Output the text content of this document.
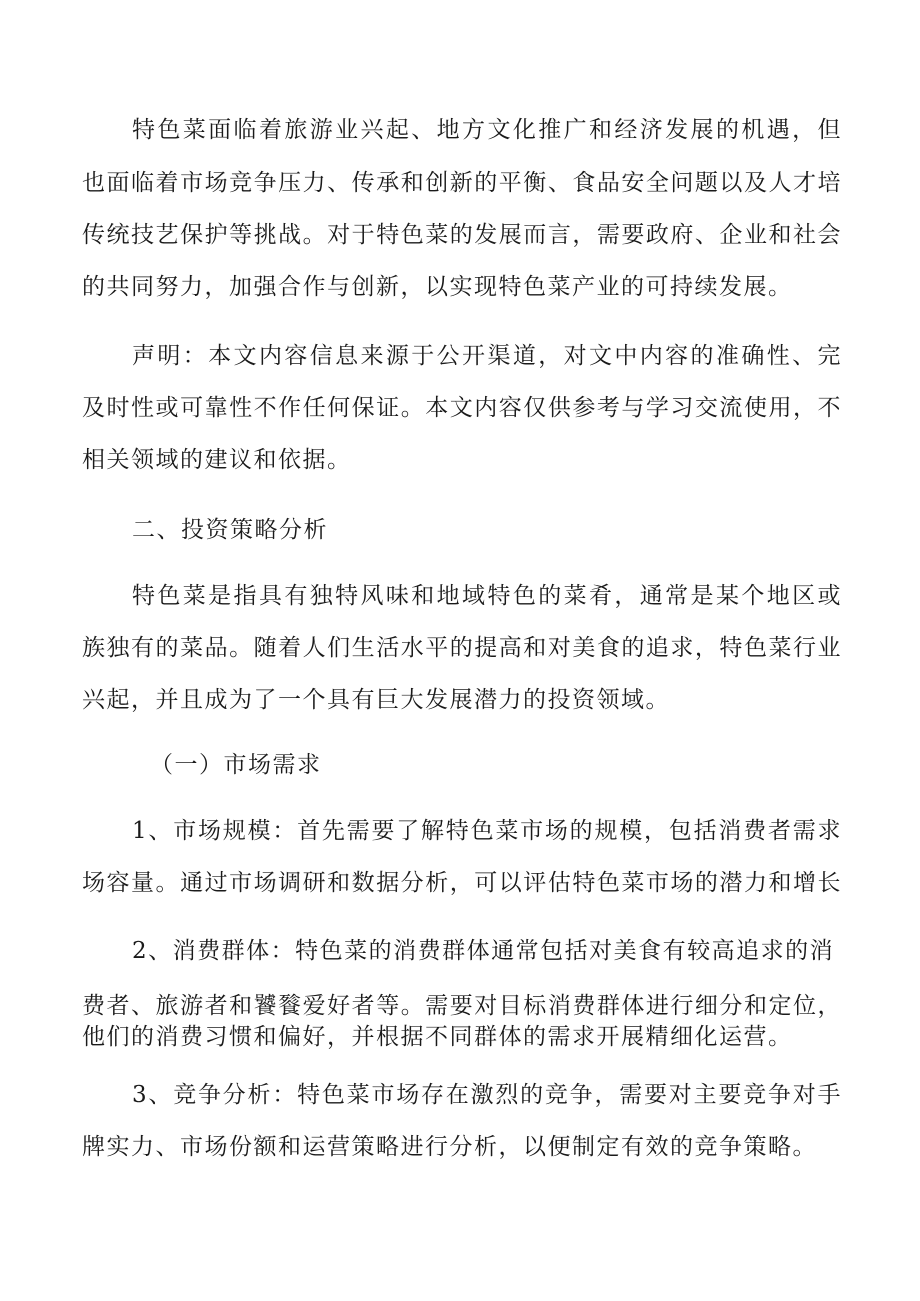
特色菜面临着旅游业兴起、地方文化推广和经济发展的机遇，但
也面临着市场竞争压力、传承和创新的平衡、食品安全问题以及人才培
传统技艺保护等挑战。对于特色菜的发展而言，需要政府、企业和社会
的共同努力，加强合作与创新，以实现特色菜产业的可持续发展。
声明：本文内容信息来源于公开渠道，对文中内容的准确性、完
及时性或可靠性不作任何保证。本文内容仅供参考与学习交流使用，不
相关领域的建议和依据。
二、投资策略分析
特色菜是指具有独特风味和地域特色的菜肴，通常是某个地区或
族独有的菜品。随着人们生活水平的提高和对美食的追求，特色菜行业
兴起，并且成为了一个具有巨大发展潜力的投资领域。
（一）市场需求
1、市场规模：首先需要了解特色菜市场的规模，包括消费者需求
场容量。通过市场调研和数据分析，可以评估特色菜市场的潜力和增长
2、消费群体：特色菜的消费群体通常包括对美食有较高追求的消
费者、旅游者和饕餮爱好者等。需要对目标消费群体进行细分和定位，
他们的消费习惯和偏好，并根据不同群体的需求开展精细化运营。
3、竞争分析：特色菜市场存在激烈的竞争，需要对主要竞争对手
牌实力、市场份额和运营策略进行分析，以便制定有效的竞争策略。
